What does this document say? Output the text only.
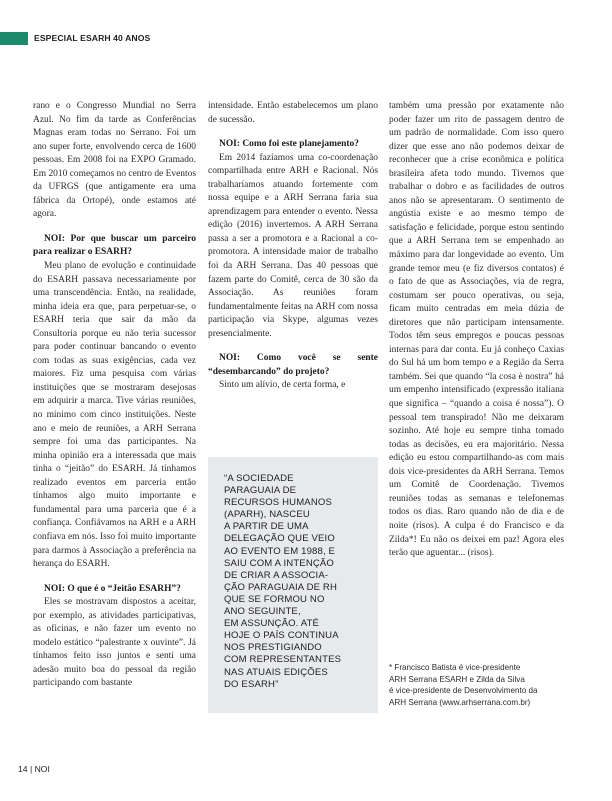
ESPECIAL ESARH 40 ANOS

rano e o Congresso Mundial no Serra Azul. No fim da tarde as Conferências Magnas eram todas no Serrano. Foi um ano super forte, envolvendo cerca de 1600 pessoas. Em 2008 foi na EXPO Gramado. Em 2010 começamos no centro de Eventos da UFRGS (que antigamente era uma fábrica da Ortopé), onde estamos até agora.

NOI: Por que buscar um parceiro para realizar o ESARH?

Meu plano de evolução e continuidade do ESARH passava necessariamente por uma transcendência. Então, na realidade, minha ideia era que, para perpetuar-se, o ESARH teria que sair da mão da Consultoria porque eu não teria sucessor para poder continuar bancando o evento com todas as suas exigências, cada vez maiores. Fiz uma pesquisa com várias instituições que se mostraram desejosas em adquirir a marca. Tive várias reuniões, no mínimo com cinco instituições. Neste ano e meio de reuniões, a ARH Serrana sempre foi uma das participantes. Na minha opinião era a interessada que mais tinha o “jeitão” do ESARH. Já tínhamos realizado eventos em parceria então tínhamos algo muito importante e fundamental para uma parceria que é a confiança. Confiávamos na ARH e a ARH confiava em nós. Isso foi muito importante para darmos à Associação a preferência na herança do ESARH.

NOI: O que é o “Jeitão ESARH”?

Eles se mostravam dispostos a aceitar, por exemplo, as atividades participativas, as oficinas, e não fazer um evento no modelo estático “palestrante x ouvinte”. Já tínhamos feito isso juntos e senti uma adesão muito boa do pessoal da região participando com bastante

intensidade. Então estabelecemos um plano de sucessão.

NOI: Como foi este planejamento?

Em 2014 fazíamos uma co-coordenação compartilhada entre ARH e Racional. Nós trabalharíamos atuando fortemente com nossa equipe e a ARH Serrana faria sua aprendizagem para entender o evento. Nessa edição (2016) invertemos. A ARH Serrana passa a ser a promotora e a Racional a co-promotora. A intensidade maior de trabalho foi da ARH Serrana. Das 40 pessoas que fazem parte do Comitê, cerca de 30 são da Associação. As reuniões foram fundamentalmente feitas na ARH com nossa participação via Skype, algumas vezes presencialmente.

NOI: Como você se sente “desembarcando” do projeto?

Sinto um alívio, de certa forma, e

“A SOCIEDADE
PARAGUAIA DE
RECURSOS HUMANOS
(APARH), NASCEU
A PARTIR DE UMA
DELEGAÇÃO QUE VEIO
AO EVENTO EM 1988, E
SAIU COM A INTENÇÃO
DE CRIAR A ASSOCIA-
ÇÃO PARAGUAIA DE RH
QUE SE FORMOU NO
ANO SEGUINTE,
EM ASSUNÇÃO. ATÉ
HOJE O PAÍS CONTINUA
NOS PRESTIGIANDO
COM REPRESENTANTES
NAS ATUAIS EDIÇÕES
DO ESARH”

também uma pressão por exatamente não poder fazer um rito de passagem dentro de um padrão de normalidade. Com isso quero dizer que esse ano não podemos deixar de reconhecer que a crise econômica e política brasileira afeta todo mundo. Tivemos que trabalhar o dobro e as facilidades de outros anos não se apresentaram. O sentimento de angústia existe e ao mesmo tempo de satisfação e felicidade, porque estou sentindo que a ARH Serrana tem se empenhado ao máximo para dar longevidade ao evento. Um grande temor meu (e fiz diversos contatos) é o fato de que as Associações, via de regra, costumam ser pouco operativas, ou seja, ficam muito centradas em meia dúzia de diretores que não participam intensamente. Todos têm seus empregos e poucas pessoas internas para dar conta. Eu já conheço Caxias do Sul há um bom tempo e a Região da Serra também. Sei que quando “la cosa è nostra” há um empenho intensificado (expressão italiana que significa – “quando a coisa é nossa”). O pessoal tem transpirado! Não me deixaram sozinho. Até hoje eu sempre tinha tomado todas as decisões, eu era majoritário. Nessa edição eu estou compartilhando-as com mais dois vice-presidentes da ARH Serrana. Temos um Comitê de Coordenação. Tivemos reuniões todas as semanas e telefonemas todos os dias. Raro quando não de dia e de noite (risos). A culpa é do Francisco e da Zilda*! Eu não os deixei em paz! Agora eles terão que aguentar... (risos).

* Francisco Batista é vice-presidente
ARH Serrana ESARH e Zilda da Silva
é vice-presidente de Desenvolvimento da
ARH Serrana (www.arhserrana.com.br)
14 | NOI
